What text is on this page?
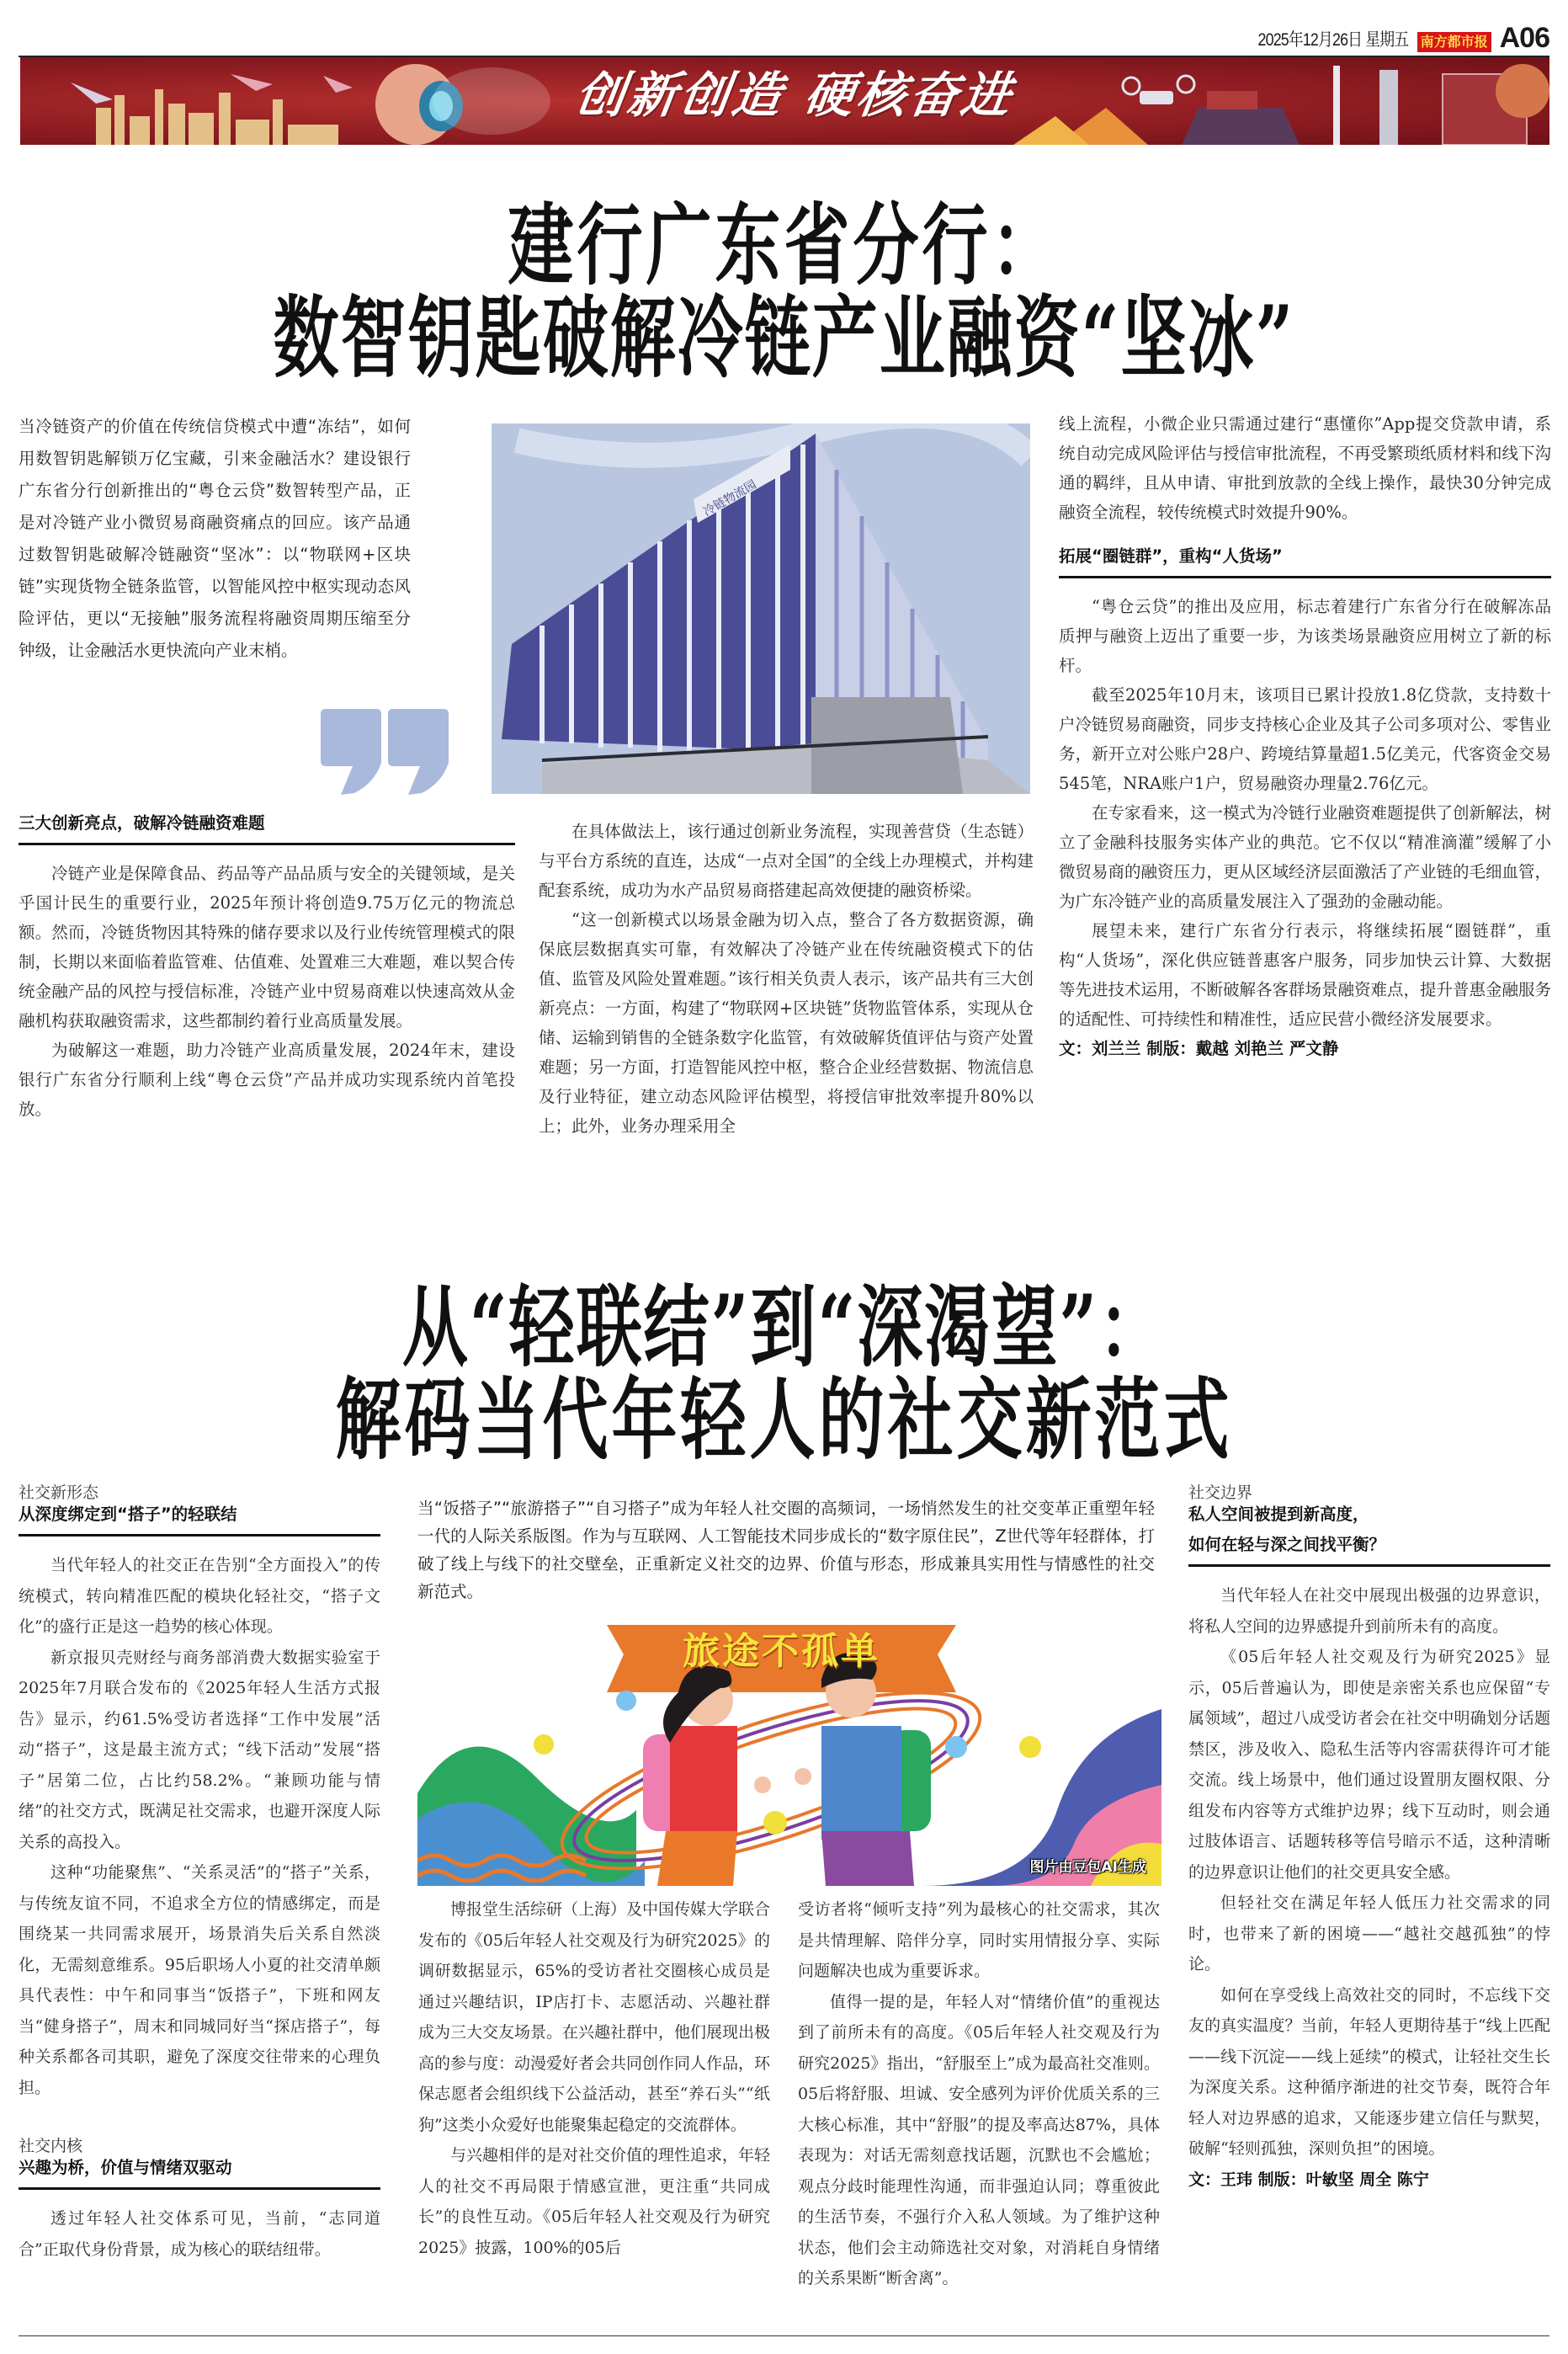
2025年12月26日 星期五 南方都市报 A06
创新创造 硬核奋进
建行广东省分行：
数智钥匙破解冷链产业融资“坚冰”
当冷链资产的价值在传统信贷模式中遭“冻结”，如何用数智钥匙解锁万亿宝藏，引来金融活水？建设银行广东省分行创新推出的“粤仓云贷”数智转型产品，正是对冷链产业小微贸易商融资痛点的回应。该产品通过数智钥匙破解冷链融资“坚冰”：以“物联网+区块链”实现货物全链条监管，以智能风控中枢实现动态风险评估，更以“无接触”服务流程将融资周期压缩至分钟级，让金融活水更快流向产业末梢。
冷链物流园
三大创新亮点，破解冷链融资难题

冷链产业是保障食品、药品等产品品质与安全的关键领域，是关乎国计民生的重要行业，2025年预计将创造9.75万亿元的物流总额。然而，冷链货物因其特殊的储存要求以及行业传统管理模式的限制，长期以来面临着监管难、估值难、处置难三大难题，难以契合传统金融产品的风控与授信标准，冷链产业中贸易商难以快速高效从金融机构获取融资需求，这些都制约着行业高质量发展。

为破解这一难题，助力冷链产业高质量发展，2024年末，建设银行广东省分行顺利上线“粤仓云贷”产品并成功实现系统内首笔投放。

在具体做法上，该行通过创新业务流程，实现善营贷（生态链）与平台方系统的直连，达成“一点对全国”的全线上办理模式，并构建配套系统，成功为水产品贸易商搭建起高效便捷的融资桥梁。

“这一创新模式以场景金融为切入点，整合了各方数据资源，确保底层数据真实可靠，有效解决了冷链产业在传统融资模式下的估值、监管及风险处置难题。”该行相关负责人表示，该产品共有三大创新亮点：一方面，构建了“物联网+区块链”货物监管体系，实现从仓储、运输到销售的全链条数字化监管，有效破解货值评估与资产处置难题；另一方面，打造智能风控中枢，整合企业经营数据、物流信息及行业特征，建立动态风险评估模型，将授信审批效率提升80%以上；此外，业务办理采用全

线上流程，小微企业只需通过建行“惠懂你”App提交贷款申请，系统自动完成风险评估与授信审批流程，不再受繁琐纸质材料和线下沟通的羁绊，且从申请、审批到放款的全线上操作，最快30分钟完成融资全流程，较传统模式时效提升90%。

拓展“圈链群”，重构“人货场”

“粤仓云贷”的推出及应用，标志着建行广东省分行在破解冻品质押与融资上迈出了重要一步，为该类场景融资应用树立了新的标杆。

截至2025年10月末，该项目已累计投放1.8亿贷款，支持数十户冷链贸易商融资，同步支持核心企业及其子公司多项对公、零售业务，新开立对公账户28户、跨境结算量超1.5亿美元，代客资金交易545笔，NRA账户1户，贸易融资办理量2.76亿元。

在专家看来，这一模式为冷链行业融资难题提供了创新解法，树立了金融科技服务实体产业的典范。它不仅以“精准滴灌”缓解了小微贸易商的融资压力，更从区域经济层面激活了产业链的毛细血管，为广东冷链产业的高质量发展注入了强劲的金融动能。

展望未来，建行广东省分行表示，将继续拓展“圈链群”，重构“人货场”，深化供应链普惠客户服务，同步加快云计算、大数据等先进技术运用，不断破解各客群场景融资难点，提升普惠金融服务的适配性、可持续性和精准性，适应民营小微经济发展要求。

文：刘兰兰 制版：戴越 刘艳兰 严文静

从“轻联结”到“深渴望”：
解码当代年轻人的社交新范式
社交新形态
从深度绑定到“搭子”的轻联结

当代年轻人的社交正在告别“全方面投入”的传统模式，转向精准匹配的模块化轻社交，“搭子文化”的盛行正是这一趋势的核心体现。

新京报贝壳财经与商务部消费大数据实验室于2025年7月联合发布的《2025年轻人生活方式报告》显示，约61.5%受访者选择“工作中发展”活动“搭子”，这是最主流方式；“线下活动”发展“搭子”居第二位，占比约58.2%。“兼顾功能与情绪”的社交方式，既满足社交需求，也避开深度人际关系的高投入。

这种“功能聚焦”、“关系灵活”的“搭子”关系，与传统友谊不同，不追求全方位的情感绑定，而是围绕某一共同需求展开，场景消失后关系自然淡化，无需刻意维系。95后职场人小夏的社交清单颇具代表性：中午和同事当“饭搭子”，下班和网友当“健身搭子”，周末和同城同好当“探店搭子”，每种关系都各司其职，避免了深度交往带来的心理负担。

社交内核
兴趣为桥，价值与情绪双驱动

透过年轻人社交体系可见，当前，“志同道合”正取代身份背景，成为核心的联结纽带。

当“饭搭子”“旅游搭子”“自习搭子”成为年轻人社交圈的高频词，一场悄然发生的社交变革正重塑年轻一代的人际关系版图。作为与互联网、人工智能技术同步成长的“数字原住民”，Z世代等年轻群体，打破了线上与线下的社交壁垒，正重新定义社交的边界、价值与形态，形成兼具实用性与情感性的社交新范式。
旅途不孤单
图片由豆包AI生成

博报堂生活综研（上海）及中国传媒大学联合发布的《05后年轻人社交观及行为研究2025》的调研数据显示，65%的受访者社交圈核心成员是通过兴趣结识，IP店打卡、志愿活动、兴趣社群成为三大交友场景。在兴趣社群中，他们展现出极高的参与度：动漫爱好者会共同创作同人作品，环保志愿者会组织线下公益活动，甚至“养石头”“纸狗”这类小众爱好也能聚集起稳定的交流群体。

与兴趣相伴的是对社交价值的理性追求，年轻人的社交不再局限于情感宣泄，更注重“共同成长”的良性互动。《05后年轻人社交观及行为研究2025》披露，100%的05后

受访者将“倾听支持”列为最核心的社交需求，其次是共情理解、陪伴分享，同时实用情报分享、实际问题解决也成为重要诉求。

值得一提的是，年轻人对“情绪价值”的重视达到了前所未有的高度。《05后年轻人社交观及行为研究2025》指出，“舒服至上”成为最高社交准则。05后将舒服、坦诚、安全感列为评价优质关系的三大核心标准，其中“舒服”的提及率高达87%，具体表现为：对话无需刻意找话题，沉默也不会尴尬；观点分歧时能理性沟通，而非强迫认同；尊重彼此的生活节奏，不强行介入私人领域。为了维护这种状态，他们会主动筛选社交对象，对消耗自身情绪的关系果断“断舍离”。

社交边界
私人空间被提到新高度，
如何在轻与深之间找平衡？

当代年轻人在社交中展现出极强的边界意识，将私人空间的边界感提升到前所未有的高度。

《05后年轻人社交观及行为研究2025》显示，05后普遍认为，即使是亲密关系也应保留“专属领域”，超过八成受访者会在社交中明确划分话题禁区，涉及收入、隐私生活等内容需获得许可才能交流。线上场景中，他们通过设置朋友圈权限、分组发布内容等方式维护边界；线下互动时，则会通过肢体语言、话题转移等信号暗示不适，这种清晰的边界意识让他们的社交更具安全感。

但轻社交在满足年轻人低压力社交需求的同时，也带来了新的困境——“越社交越孤独”的悖论。

如何在享受线上高效社交的同时，不忘线下交友的真实温度？当前，年轻人更期待基于“线上匹配——线下沉淀——线上延续”的模式，让轻社交生长为深度关系。这种循序渐进的社交节奏，既符合年轻人对边界感的追求，又能逐步建立信任与默契，破解“轻则孤独，深则负担”的困境。

文：王玮 制版：叶敏坚 周全 陈宁
